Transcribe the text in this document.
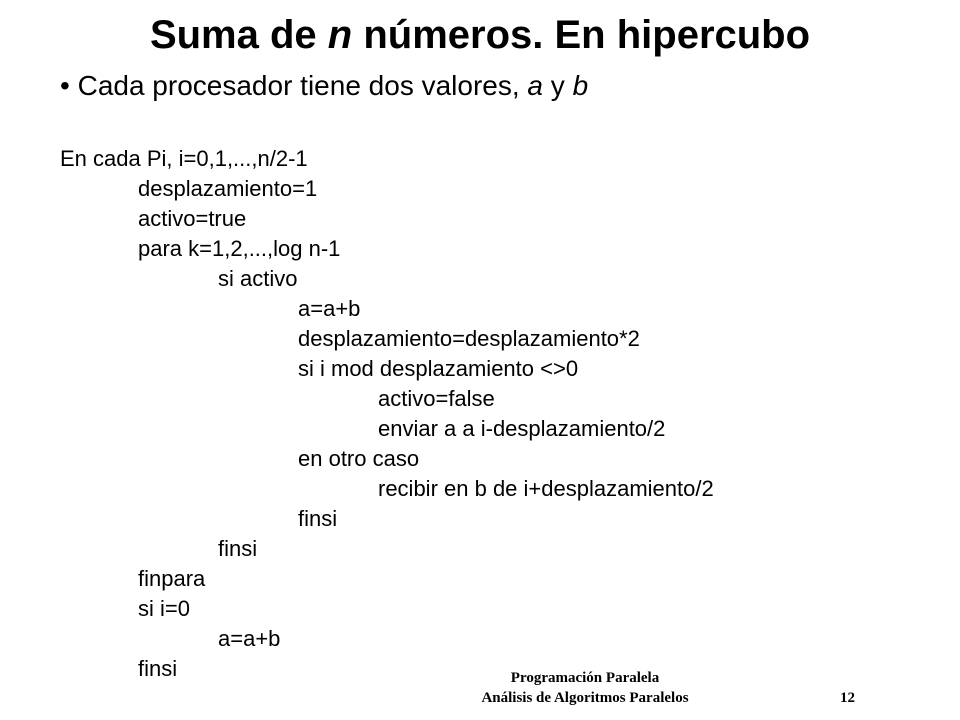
Suma de n números. En hipercubo
• Cada procesador tiene dos valores, a y b
En cada Pi, i=0,1,...,n/2-1
desplazamiento=1
activo=true
para k=1,2,...,log n-1
si activo
a=a+b
desplazamiento=desplazamiento*2
si i mod desplazamiento <>0
activo=false
enviar a a i-desplazamiento/2
en otro caso
recibir en b de i+desplazamiento/2
finsi
finsi
finpara
si i=0
a=a+b
finsi	Programación Paralela
Análisis de Algoritmos Paralelos	12
